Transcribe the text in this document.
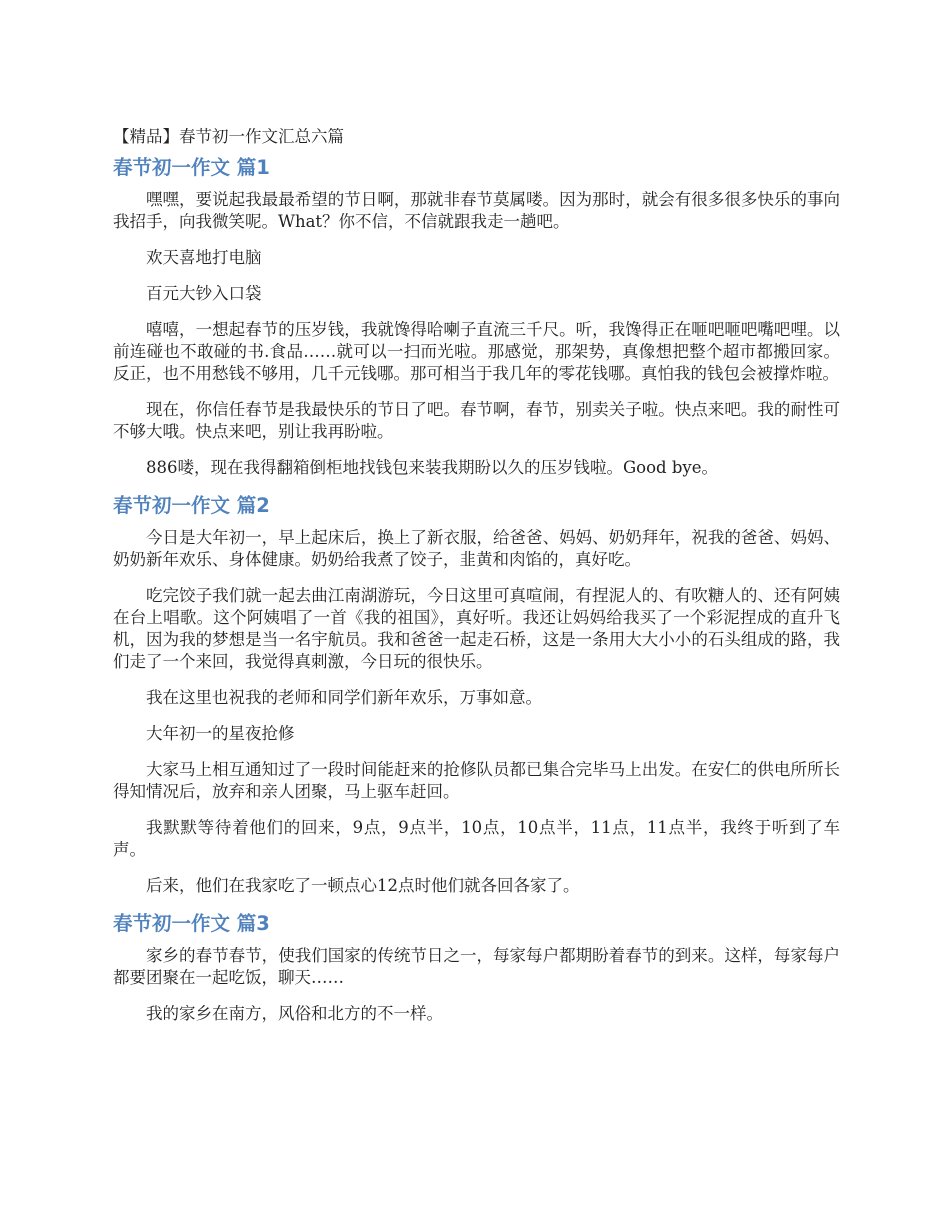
【精品】春节初一作文汇总六篇
春节初一作文 篇1

嘿嘿，要说起我最最希望的节日啊，那就非春节莫属喽。因为那时，就会有很多很多快乐的事向我招手，向我微笑呢。What？你不信，不信就跟我走一趟吧。

欢天喜地打电脑

百元大钞入口袋

嘻嘻，一想起春节的压岁钱，我就馋得哈喇子直流三千尺。听，我馋得正在咂吧咂吧嘴吧哩。以前连碰也不敢碰的书.食品……就可以一扫而光啦。那感觉，那架势，真像想把整个超市都搬回家。反正，也不用愁钱不够用，几千元钱哪。那可相当于我几年的零花钱哪。真怕我的钱包会被撑炸啦。

现在，你信任春节是我最快乐的节日了吧。春节啊，春节，别卖关子啦。快点来吧。我的耐性可不够大哦。快点来吧，别让我再盼啦。

886喽，现在我得翻箱倒柜地找钱包来装我期盼以久的压岁钱啦。Good bye。

春节初一作文 篇2

今日是大年初一，早上起床后，换上了新衣服，给爸爸、妈妈、奶奶拜年，祝我的爸爸、妈妈、奶奶新年欢乐、身体健康。奶奶给我煮了饺子，韭黄和肉馅的，真好吃。

吃完饺子我们就一起去曲江南湖游玩，今日这里可真喧闹，有捏泥人的、有吹糖人的、还有阿姨在台上唱歌。这个阿姨唱了一首《我的祖国》，真好听。我还让妈妈给我买了一个彩泥捏成的直升飞机，因为我的梦想是当一名宇航员。我和爸爸一起走石桥，这是一条用大大小小的石头组成的路，我们走了一个来回，我觉得真刺激，今日玩的很快乐。

我在这里也祝我的老师和同学们新年欢乐，万事如意。

大年初一的星夜抢修

大家马上相互通知过了一段时间能赶来的抢修队员都已集合完毕马上出发。在安仁的供电所所长得知情况后，放弃和亲人团聚，马上驱车赶回。

我默默等待着他们的回来，9点，9点半，10点，10点半，11点，11点半，我终于听到了车声。

后来，他们在我家吃了一顿点心12点时他们就各回各家了。

春节初一作文 篇3

家乡的春节春节，使我们国家的传统节日之一，每家每户都期盼着春节的到来。这样，每家每户都要团聚在一起吃饭，聊天……

我的家乡在南方，风俗和北方的不一样。
